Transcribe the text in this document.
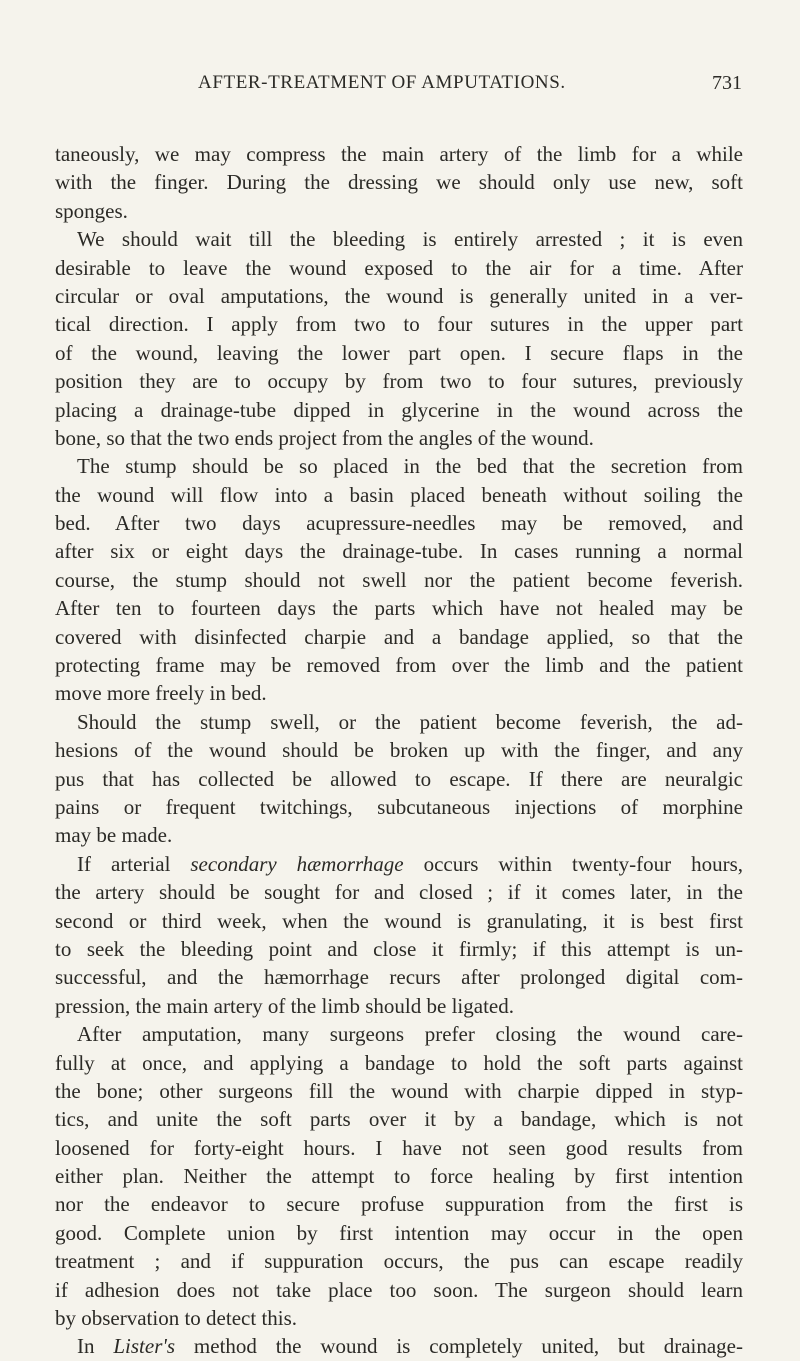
AFTER-TREATMENT OF AMPUTATIONS.	731
taneously, we may compress the main artery of the limb for a while
with the finger. During the dressing we should only use new, soft
sponges.
We should wait till the bleeding is entirely arrested ; it is even
desirable to leave the wound exposed to the air for a time. After
circular or oval amputations, the wound is generally united in a ver-
tical direction. I apply from two to four sutures in the upper part
of the wound, leaving the lower part open. I secure flaps in the
position they are to occupy by from two to four sutures, previously
placing a drainage-tube dipped in glycerine in the wound across the
bone, so that the two ends project from the angles of the wound.
The stump should be so placed in the bed that the secretion from
the wound will flow into a basin placed beneath without soiling the
bed. After two days acupressure-needles may be removed, and
after six or eight days the drainage-tube. In cases running a normal
course, the stump should not swell nor the patient become feverish.
After ten to fourteen days the parts which have not healed may be
covered with disinfected charpie and a bandage applied, so that the
protecting frame may be removed from over the limb and the patient
move more freely in bed.
Should the stump swell, or the patient become feverish, the ad-
hesions of the wound should be broken up with the finger, and any
pus that has collected be allowed to escape. If there are neuralgic
pains or frequent twitchings, subcutaneous injections of morphine
may be made.
If arterial secondary hæmorrhage occurs within twenty-four hours,
the artery should be sought for and closed ; if it comes later, in the
second or third week, when the wound is granulating, it is best first
to seek the bleeding point and close it firmly; if this attempt is un-
successful, and the hæmorrhage recurs after prolonged digital com-
pression, the main artery of the limb should be ligated.
After amputation, many surgeons prefer closing the wound care-
fully at once, and applying a bandage to hold the soft parts against
the bone; other surgeons fill the wound with charpie dipped in styp-
tics, and unite the soft parts over it by a bandage, which is not
loosened for forty-eight hours. I have not seen good results from
either plan. Neither the attempt to force healing by first intention
nor the endeavor to secure profuse suppuration from the first is
good. Complete union by first intention may occur in the open
treatment ; and if suppuration occurs, the pus can escape readily
if adhesion does not take place too soon. The surgeon should learn
by observation to detect this.
In Lister's method the wound is completely united, but drainage-
